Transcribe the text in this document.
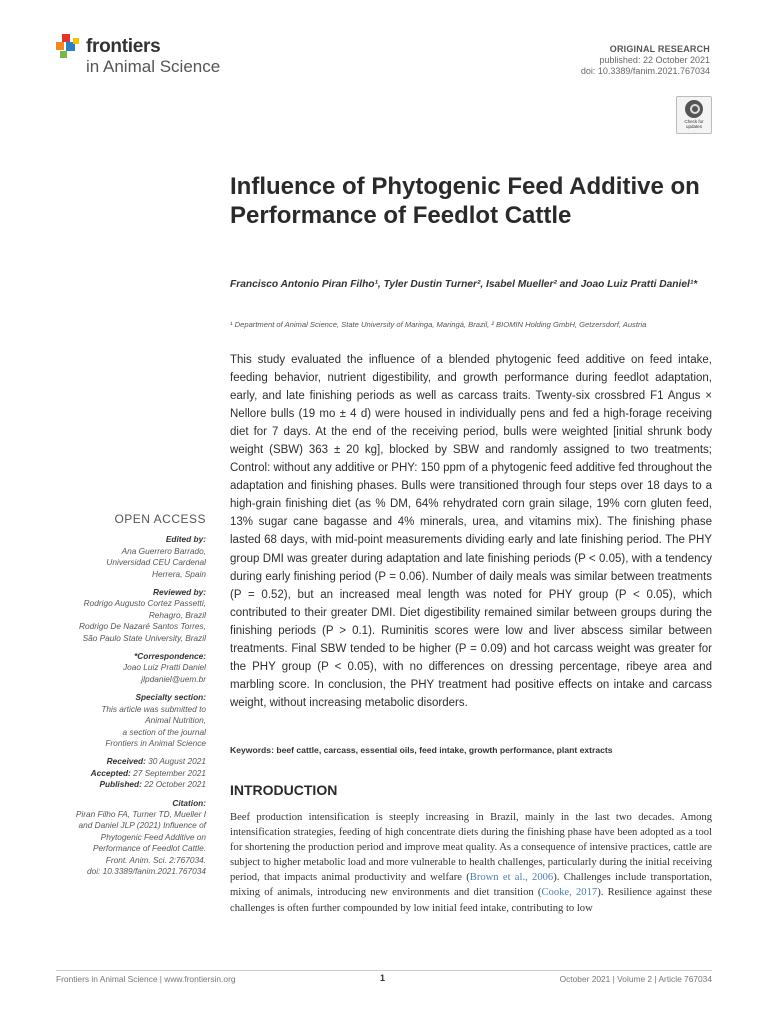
frontiers
in Animal Science
ORIGINAL RESEARCH
published: 22 October 2021
doi: 10.3389/fanim.2021.767034
Check for updates
Influence of Phytogenic Feed Additive on Performance of Feedlot Cattle

Francisco Antonio Piran Filho¹, Tyler Dustin Turner², Isabel Mueller² and Joao Luiz Pratti Daniel¹*

¹ Department of Animal Science, State University of Maringa, Maringá, Brazil, ² BIOMIN Holding GmbH, Getzersdorf, Austria

This study evaluated the influence of a blended phytogenic feed additive on feed intake, feeding behavior, nutrient digestibility, and growth performance during feedlot adaptation, early, and late finishing periods as well as carcass traits. Twenty-six crossbred F1 Angus × Nellore bulls (19 mo ± 4 d) were housed in individually pens and fed a high-forage receiving diet for 7 days. At the end of the receiving period, bulls were weighted [initial shrunk body weight (SBW) 363 ± 20 kg], blocked by SBW and randomly assigned to two treatments; Control: without any additive or PHY: 150 ppm of a phytogenic feed additive fed throughout the adaptation and finishing phases. Bulls were transitioned through four steps over 18 days to a high-grain finishing diet (as % DM, 64% rehydrated corn grain silage, 19% corn gluten feed, 13% sugar cane bagasse and 4% minerals, urea, and vitamins mix). The finishing phase lasted 68 days, with mid-point measurements dividing early and late finishing period. The PHY group DMI was greater during adaptation and late finishing periods (P < 0.05), with a tendency during early finishing period (P = 0.06). Number of daily meals was similar between treatments (P = 0.52), but an increased meal length was noted for PHY group (P < 0.05), which contributed to their greater DMI. Diet digestibility remained similar between groups during the finishing periods (P > 0.1). Ruminitis scores were low and liver abscess similar between treatments. Final SBW tended to be higher (P = 0.09) and hot carcass weight was greater for the PHY group (P < 0.05), with no differences on dressing percentage, ribeye area and marbling score. In conclusion, the PHY treatment had positive effects on intake and carcass weight, without increasing metabolic disorders.

Keywords: beef cattle, carcass, essential oils, feed intake, growth performance, plant extracts

INTRODUCTION

Beef production intensification is steeply increasing in Brazil, mainly in the last two decades. Among intensification strategies, feeding of high concentrate diets during the finishing phase have been adopted as a tool for shortening the production period and improve meat quality. As a consequence of intensive practices, cattle are subject to higher metabolic load and more vulnerable to health challenges, particularly during the initial receiving period, that impacts animal productivity and welfare (Brown et al., 2006). Challenges include transportation, mixing of animals, introducing new environments and diet transition (Cooke, 2017). Resilience against these challenges is often further compounded by low initial feed intake, contributing to low

OPEN ACCESS
Edited by:
Ana Guerrero Barrado,
Universidad CEU Cardenal
Herrera, Spain
Reviewed by:
Rodrigo Augusto Cortez Passetti,
Rehagro, Brazil
Rodrigo De Nazaré Santos Torres,
São Paulo State University, Brazil
*Correspondence:
Joao Luiz Pratti Daniel
jlpdaniel@uem.br
Specialty section:
This article was submitted to
Animal Nutrition,
a section of the journal
Frontiers in Animal Science
Received: 30 August 2021
Accepted: 27 September 2021
Published: 22 October 2021
Citation:
Piran Filho FA, Turner TD, Mueller I
and Daniel JLP (2021) Influence of
Phytogenic Feed Additive on
Performance of Feedlot Cattle.
Front. Anim. Sci. 2:767034.
doi: 10.3389/fanim.2021.767034
Frontiers in Animal Science | www.frontiersin.org	1	October 2021 | Volume 2 | Article 767034
